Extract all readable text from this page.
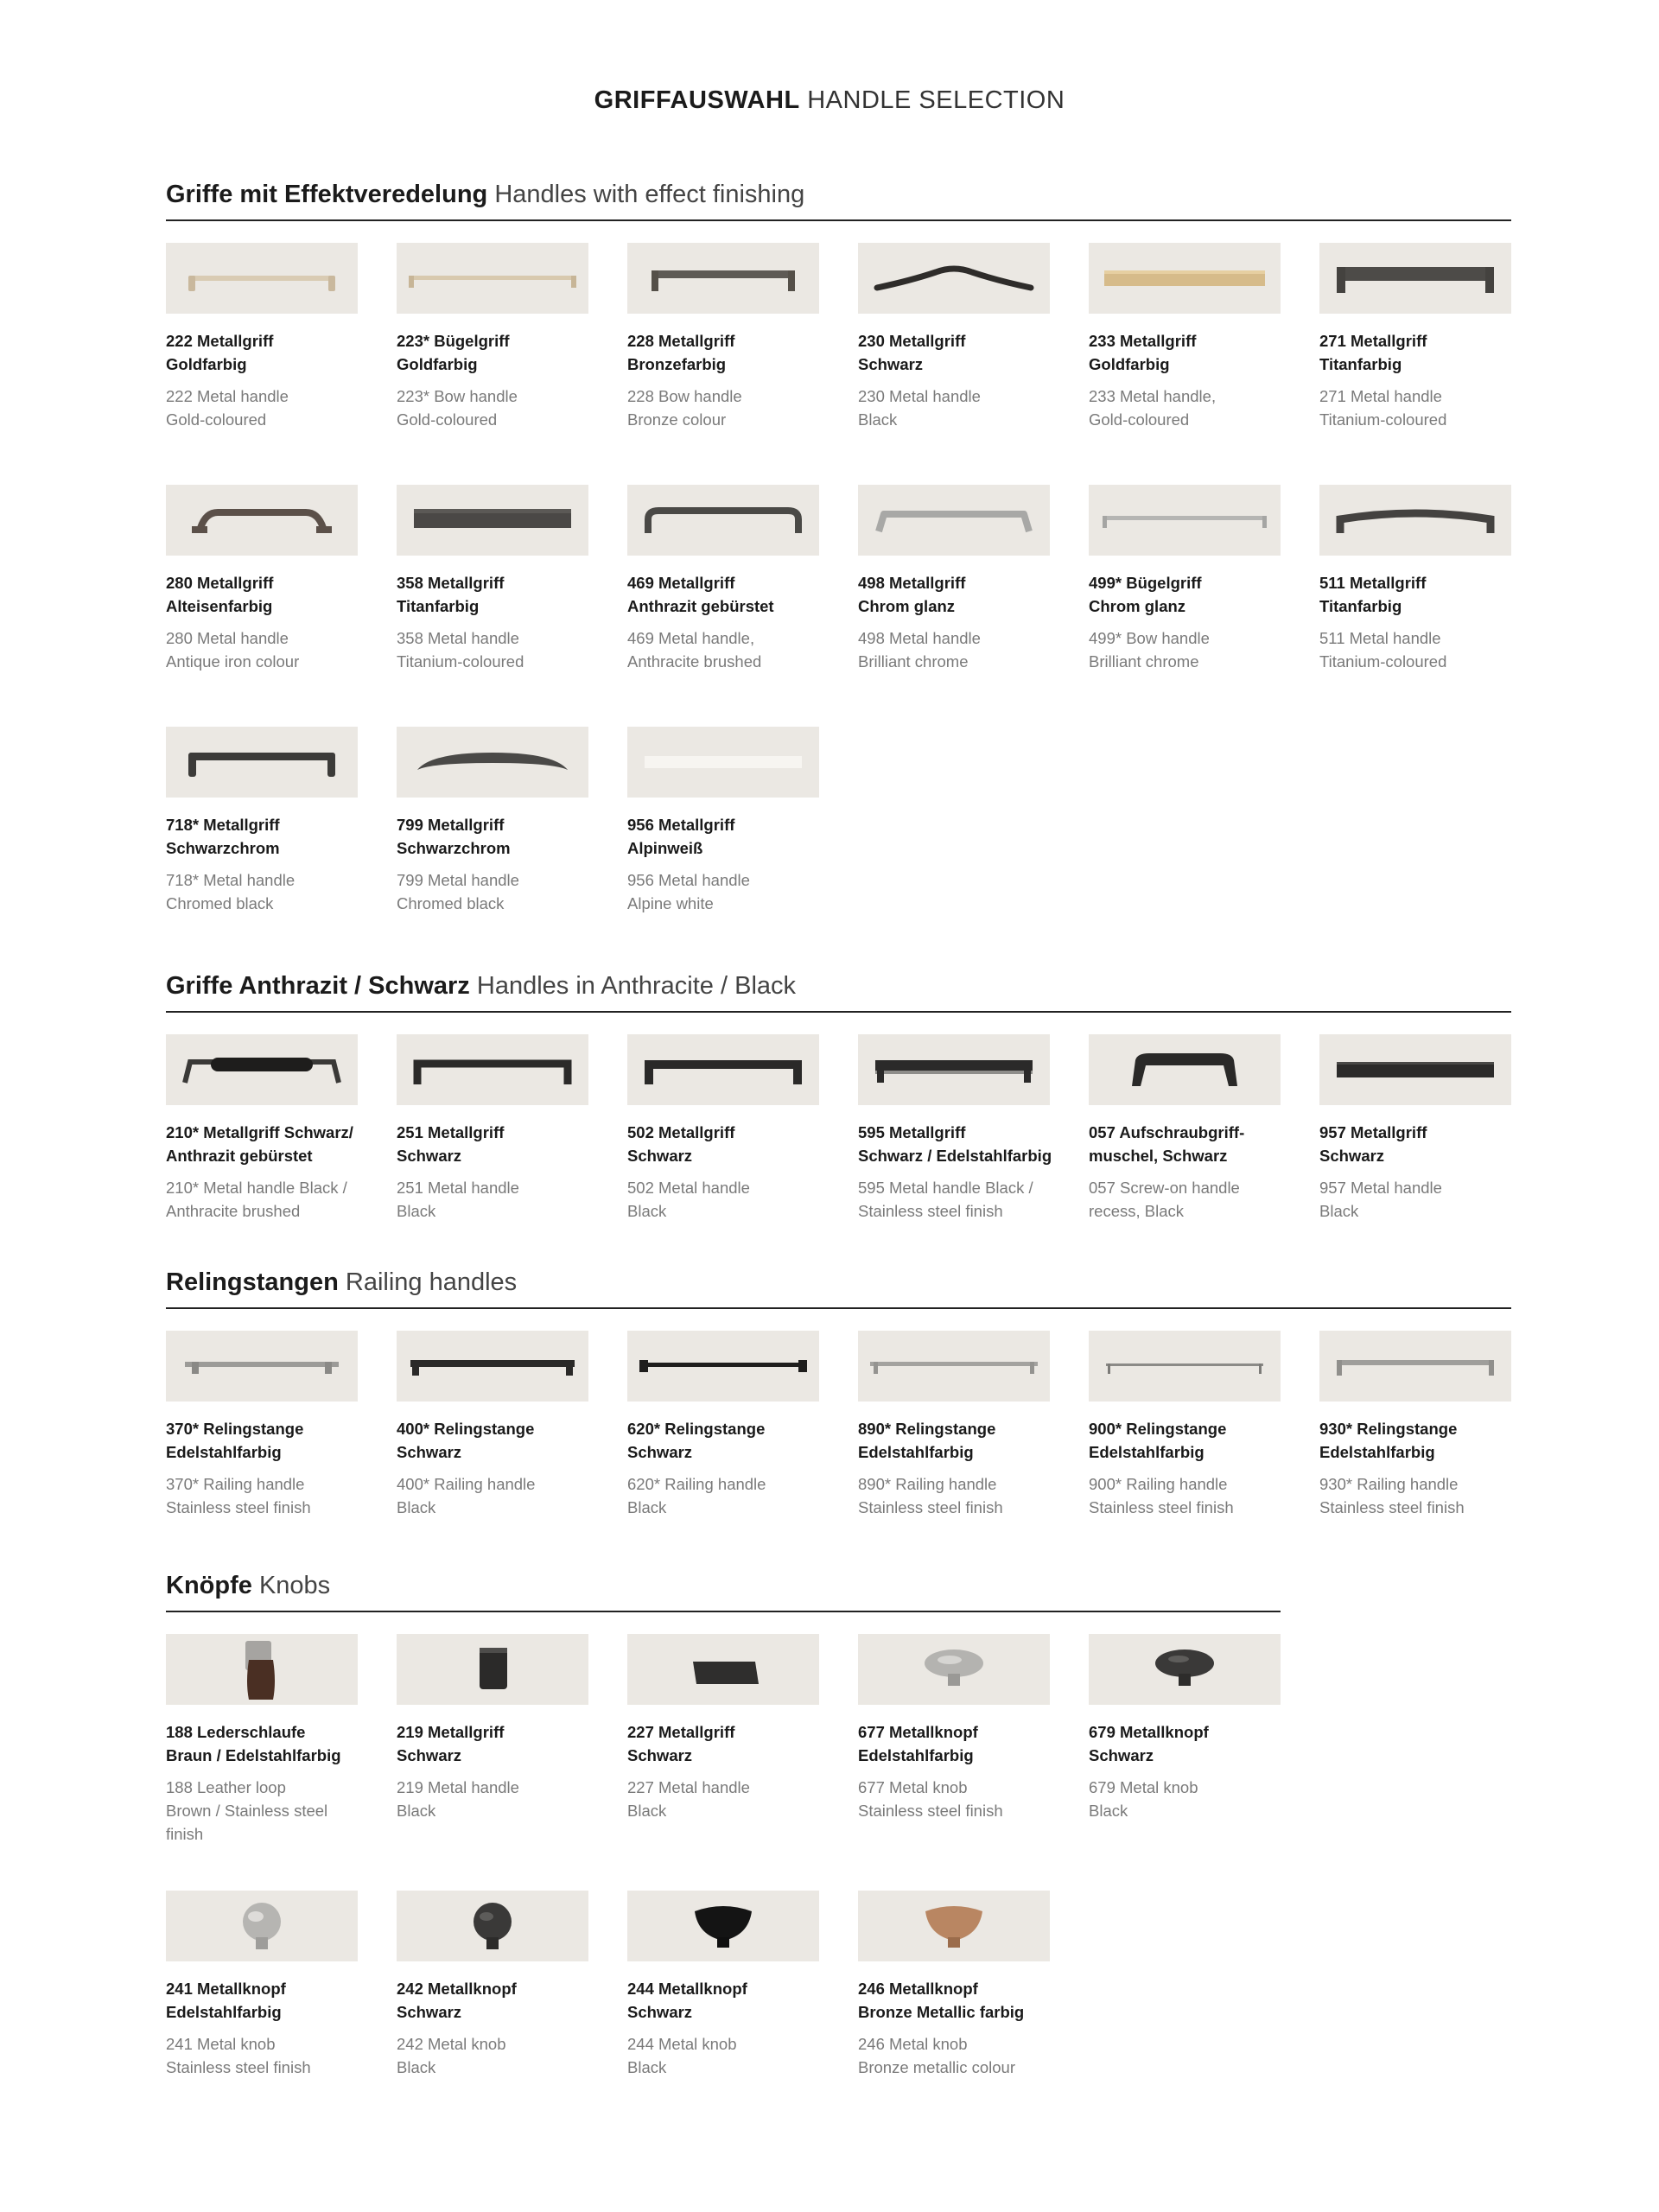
GRIFFAUSWAHL HANDLE SELECTION
Griffe mit Effektveredelung Handles with effect finishing
222 Metallgriff
Goldfarbig
222 Metal handle
Gold-coloured
223* Bügelgriff
Goldfarbig
223* Bow handle
Gold-coloured
228 Metallgriff
Bronzefarbig
228 Bow handle
Bronze colour
230 Metallgriff
Schwarz
230 Metal handle
Black
233 Metallgriff
Goldfarbig
233 Metal handle,
Gold-coloured
271 Metallgriff
Titanfarbig
271 Metal handle
Titanium-coloured
280 Metallgriff
Alteisenfarbig
280 Metal handle
Antique iron colour
358 Metallgriff
Titanfarbig
358 Metal handle
Titanium-coloured
469 Metallgriff
Anthrazit gebürstet
469 Metal handle,
Anthracite brushed
498 Metallgriff
Chrom glanz
498 Metal handle
Brilliant chrome
499* Bügelgriff
Chrom glanz
499* Bow handle
Brilliant chrome
511 Metallgriff
Titanfarbig
511 Metal handle
Titanium-coloured
718* Metallgriff
Schwarzchrom
718* Metal handle
Chromed black
799 Metallgriff
Schwarzchrom
799 Metal handle
Chromed black
956 Metallgriff
Alpinweiß
956 Metal handle
Alpine white
Griffe Anthrazit / Schwarz Handles in Anthracite / Black
210* Metallgriff Schwarz/
Anthrazit gebürstet
210* Metal handle Black /
Anthracite brushed
251 Metallgriff
Schwarz
251 Metal handle
Black
502 Metallgriff
Schwarz
502 Metal handle
Black
595 Metallgriff
Schwarz / Edelstahlfarbig
595 Metal handle Black /
Stainless steel finish
057 Aufschraubgriff-
muschel, Schwarz
057 Screw-on handle
recess, Black
957 Metallgriff
Schwarz
957 Metal handle
Black
Relingstangen Railing handles
370* Relingstange
Edelstahlfarbig
370* Railing handle
Stainless steel finish
400* Relingstange
Schwarz
400* Railing handle
Black
620* Relingstange
Schwarz
620* Railing handle
Black
890* Relingstange
Edelstahlfarbig
890* Railing handle
Stainless steel finish
900* Relingstange
Edelstahlfarbig
900* Railing handle
Stainless steel finish
930* Relingstange
Edelstahlfarbig
930* Railing handle
Stainless steel finish
Knöpfe Knobs
188 Lederschlaufe
Braun / Edelstahlfarbig
188 Leather loop
Brown / Stainless steel
finish
219 Metallgriff
Schwarz
219 Metal handle
Black
227 Metallgriff
Schwarz
227 Metal handle
Black
677 Metallknopf
Edelstahlfarbig
677 Metal knob
Stainless steel finish
679 Metallknopf
Schwarz
679 Metal knob
Black
241 Metallknopf
Edelstahlfarbig
241 Metal knob
Stainless steel finish
242 Metallknopf
Schwarz
242 Metal knob
Black
244 Metallknopf
Schwarz
244 Metal knob
Black
246 Metallknopf
Bronze Metallic farbig
246 Metal knob
Bronze metallic colour
